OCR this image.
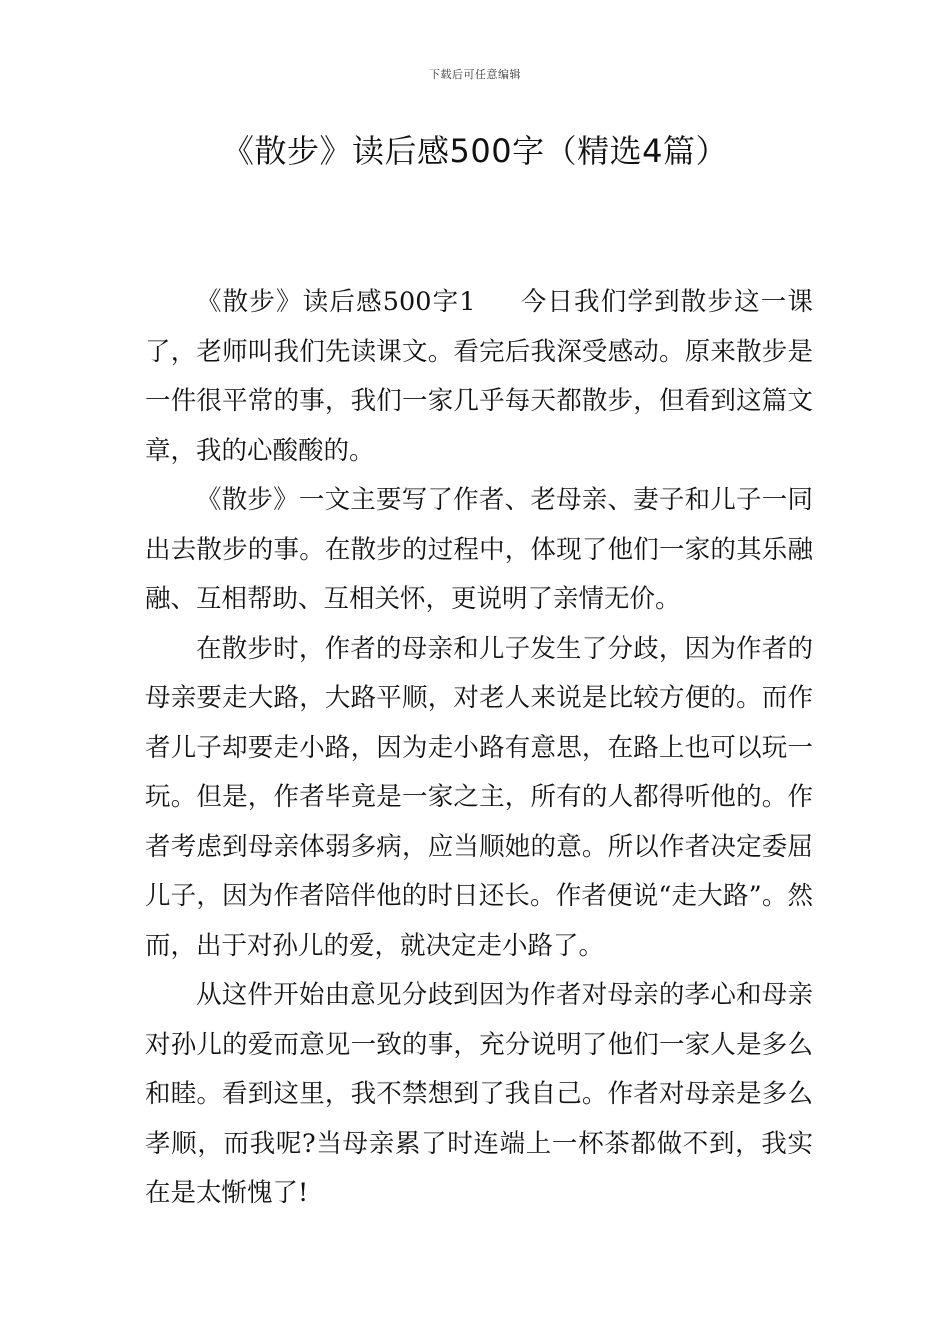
下载后可任意编辑
《散步》读后感500字（精选4篇）

《散步》读后感500字1 今日我们学到散步这一课了，老师叫我们先读课文。看完后我深受感动。原来散步是一件很平常的事，我们一家几乎每天都散步，但看到这篇文章，我的心酸酸的。

《散步》一文主要写了作者、老母亲、妻子和儿子一同出去散步的事。在散步的过程中，体现了他们一家的其乐融融、互相帮助、互相关怀，更说明了亲情无价。

在散步时，作者的母亲和儿子发生了分歧，因为作者的母亲要走大路，大路平顺，对老人来说是比较方便的。而作者儿子却要走小路，因为走小路有意思，在路上也可以玩一玩。但是，作者毕竟是一家之主，所有的人都得听他的。作者考虑到母亲体弱多病，应当顺她的意。所以作者决定委屈儿子，因为作者陪伴他的时日还长。作者便说“走大路”。然而，出于对孙儿的爱，就决定走小路了。

从这件开始由意见分歧到因为作者对母亲的孝心和母亲对孙儿的爱而意见一致的事，充分说明了他们一家人是多么和睦。看到这里，我不禁想到了我自己。作者对母亲是多么孝顺，而我呢?当母亲累了时连端上一杯茶都做不到，我实在是太惭愧了!
